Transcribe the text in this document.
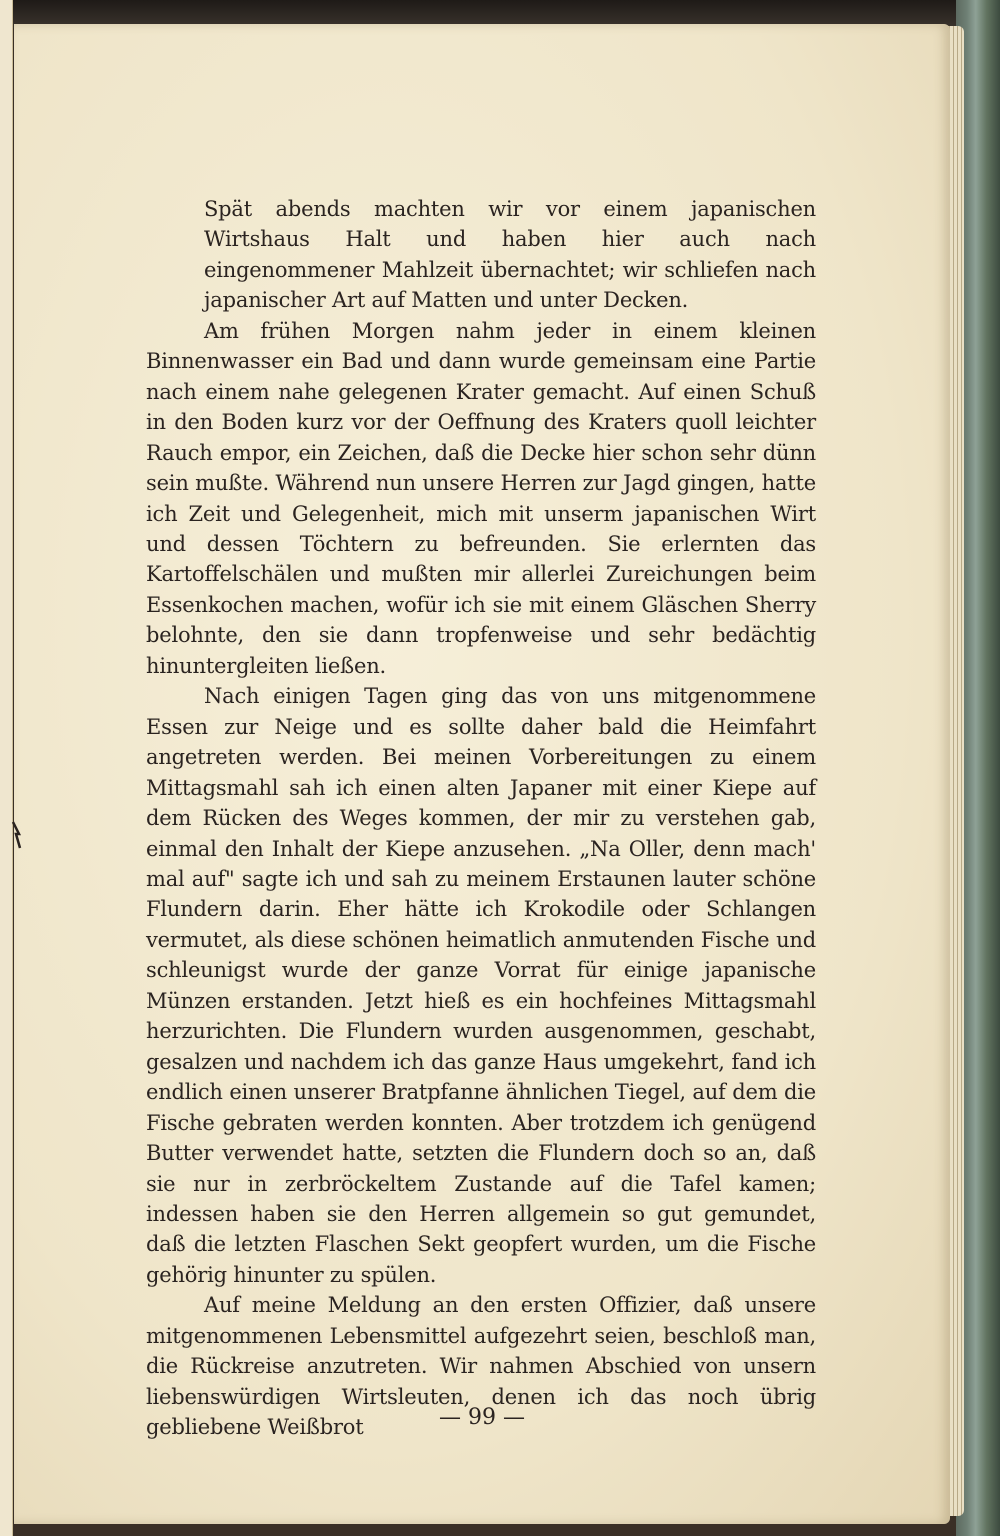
Spät abends machten wir vor einem japanischen Wirtshaus Halt und haben hier auch nach eingenommener Mahlzeit übernachtet; wir schliefen nach japanischer Art auf Matten und unter Decken.

Am frühen Morgen nahm jeder in einem kleinen Binnenwasser ein Bad und dann wurde gemeinsam eine Partie nach einem nahe gelegenen Krater gemacht. Auf einen Schuß in den Boden kurz vor der Oeffnung des Kraters quoll leichter Rauch empor, ein Zeichen, daß die Decke hier schon sehr dünn sein mußte. Während nun unsere Herren zur Jagd gingen, hatte ich Zeit und Gelegenheit, mich mit unserm japanischen Wirt und dessen Töchtern zu befreunden. Sie erlernten das Kartoffelschälen und mußten mir allerlei Zureichungen beim Essenkochen machen, wofür ich sie mit einem Gläschen Sherry belohnte, den sie dann tropfenweise und sehr bedächtig hinuntergleiten ließen.

Nach einigen Tagen ging das von uns mitgenommene Essen zur Neige und es sollte daher bald die Heimfahrt angetreten werden. Bei meinen Vorbereitungen zu einem Mittagsmahl sah ich einen alten Japaner mit einer Kiepe auf dem Rücken des Weges kommen, der mir zu verstehen gab, einmal den Inhalt der Kiepe anzusehen. „Na Oller, denn mach' mal auf" sagte ich und sah zu meinem Erstaunen lauter schöne Flundern darin. Eher hätte ich Krokodile oder Schlangen vermutet, als diese schönen heimatlich anmutenden Fische und schleunigst wurde der ganze Vorrat für einige japanische Münzen erstanden. Jetzt hieß es ein hochfeines Mittagsmahl herzurichten. Die Flundern wurden ausgenommen, geschabt, gesalzen und nachdem ich das ganze Haus umgekehrt, fand ich endlich einen unserer Bratpfanne ähnlichen Tiegel, auf dem die Fische gebraten werden konnten. Aber trotzdem ich genügend Butter verwendet hatte, setzten die Flundern doch so an, daß sie nur in zerbröckeltem Zustande auf die Tafel kamen; indessen haben sie den Herren allgemein so gut gemundet, daß die letzten Flaschen Sekt geopfert wurden, um die Fische gehörig hinunter zu spülen.

Auf meine Meldung an den ersten Offizier, daß unsere mitgenommenen Lebensmittel aufgezehrt seien, beschloß man, die Rückreise anzutreten. Wir nahmen Abschied von unsern liebenswürdigen Wirtsleuten, denen ich das noch übrig gebliebene Weißbrot	— 99 —
